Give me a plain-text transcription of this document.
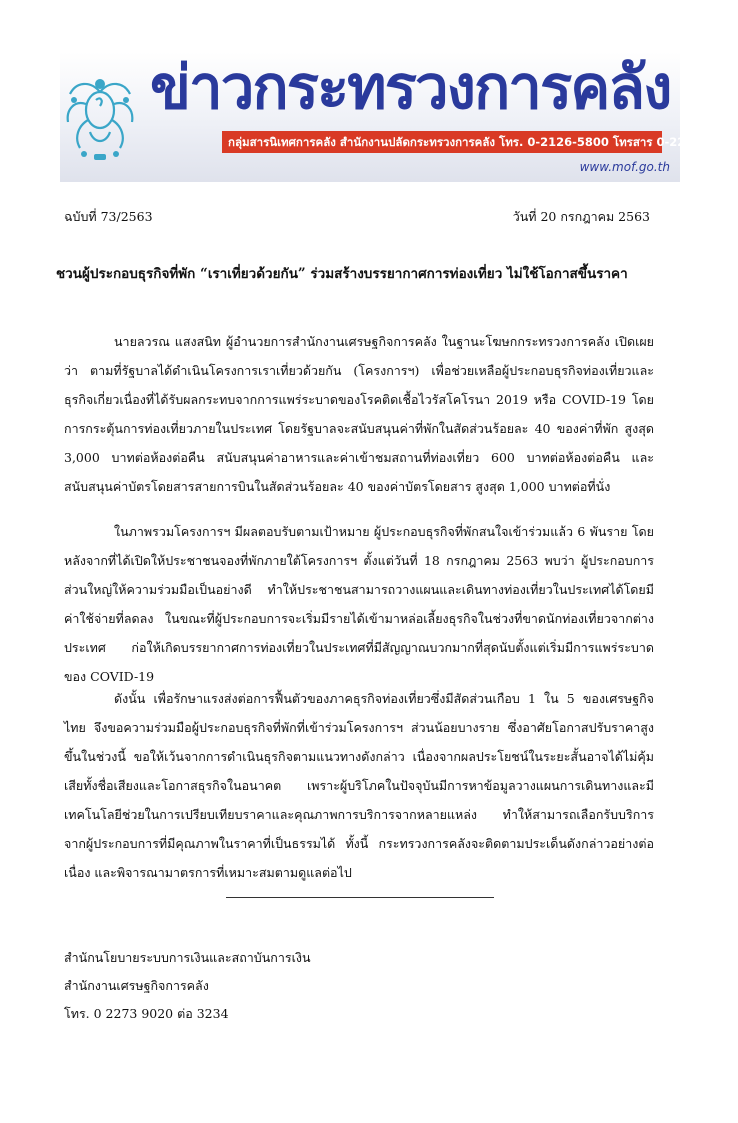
ข่าวกระทรวงการคลัง
กลุ่มสารนิเทศการคลัง สำนักงานปลัดกระทรวงการคลัง โทร. 0-2126-5800 โทรสาร 0-2273-9763
www.mof.go.th
ฉบับที่ 73/2563	วันที่ 20 กรกฎาคม 2563
ชวนผู้ประกอบธุรกิจที่พัก “เราเที่ยวด้วยกัน” ร่วมสร้างบรรยากาศการท่องเที่ยว ไม่ใช้โอกาสขึ้นราคา

นายลวรณ แสงสนิท ผู้อำนวยการสำนักงานเศรษฐกิจการคลัง ในฐานะโฆษกกระทรวงการคลัง เปิดเผยว่า ตามที่รัฐบาลได้ดำเนินโครงการเราเที่ยวด้วยกัน (โครงการฯ) เพื่อช่วยเหลือผู้ประกอบธุรกิจท่องเที่ยวและธุรกิจเกี่ยวเนื่องที่ได้รับผลกระทบจากการแพร่ระบาดของโรคติดเชื้อไวรัสโคโรนา 2019 หรือ COVID-19 โดยการกระตุ้นการท่องเที่ยวภายในประเทศ โดยรัฐบาลจะสนับสนุนค่าที่พักในสัดส่วนร้อยละ 40 ของค่าที่พัก สูงสุด 3,000 บาทต่อห้องต่อคืน สนับสนุนค่าอาหารและค่าเข้าชมสถานที่ท่องเที่ยว 600 บาทต่อห้องต่อคืน และสนับสนุนค่าบัตรโดยสารสายการบินในสัดส่วนร้อยละ 40 ของค่าบัตรโดยสาร สูงสุด 1,000 บาทต่อที่นั่ง

ในภาพรวมโครงการฯ มีผลตอบรับตามเป้าหมาย ผู้ประกอบธุรกิจที่พักสนใจเข้าร่วมแล้ว 6 พันราย โดยหลังจากที่ได้เปิดให้ประชาชนจองที่พักภายใต้โครงการฯ ตั้งแต่วันที่ 18 กรกฎาคม 2563 พบว่า ผู้ประกอบการส่วนใหญ่ให้ความร่วมมือเป็นอย่างดี ทำให้ประชาชนสามารถวางแผนและเดินทางท่องเที่ยวในประเทศได้โดยมีค่าใช้จ่ายที่ลดลง ในขณะที่ผู้ประกอบการจะเริ่มมีรายได้เข้ามาหล่อเลี้ยงธุรกิจในช่วงที่ขาดนักท่องเที่ยวจากต่างประเทศ ก่อให้เกิดบรรยากาศการท่องเที่ยวในประเทศที่มีสัญญาณบวกมากที่สุดนับตั้งแต่เริ่มมีการแพร่ระบาดของ COVID-19

ดังนั้น เพื่อรักษาแรงส่งต่อการฟื้นตัวของภาคธุรกิจท่องเที่ยวซึ่งมีสัดส่วนเกือบ 1 ใน 5 ของเศรษฐกิจไทย จึงขอความร่วมมือผู้ประกอบธุรกิจที่พักที่เข้าร่วมโครงการฯ ส่วนน้อยบางราย ซึ่งอาศัยโอกาสปรับราคาสูงขึ้นในช่วงนี้ ขอให้เว้นจากการดำเนินธุรกิจตามแนวทางดังกล่าว เนื่องจากผลประโยชน์ในระยะสั้นอาจได้ไม่คุ้มเสียทั้งชื่อเสียงและโอกาสธุรกิจในอนาคต เพราะผู้บริโภคในปัจจุบันมีการหาข้อมูลวางแผนการเดินทางและมีเทคโนโลยีช่วยในการเปรียบเทียบราคาและคุณภาพการบริการจากหลายแหล่ง ทำให้สามารถเลือกรับบริการจากผู้ประกอบการที่มีคุณภาพในราคาที่เป็นธรรมได้ ทั้งนี้ กระทรวงการคลังจะติดตามประเด็นดังกล่าวอย่างต่อเนื่อง และพิจารณามาตรการที่เหมาะสมตามดูแลต่อไป

สำนักนโยบายระบบการเงินและสถาบันการเงิน
สำนักงานเศรษฐกิจการคลัง
โทร. 0 2273 9020 ต่อ 3234
